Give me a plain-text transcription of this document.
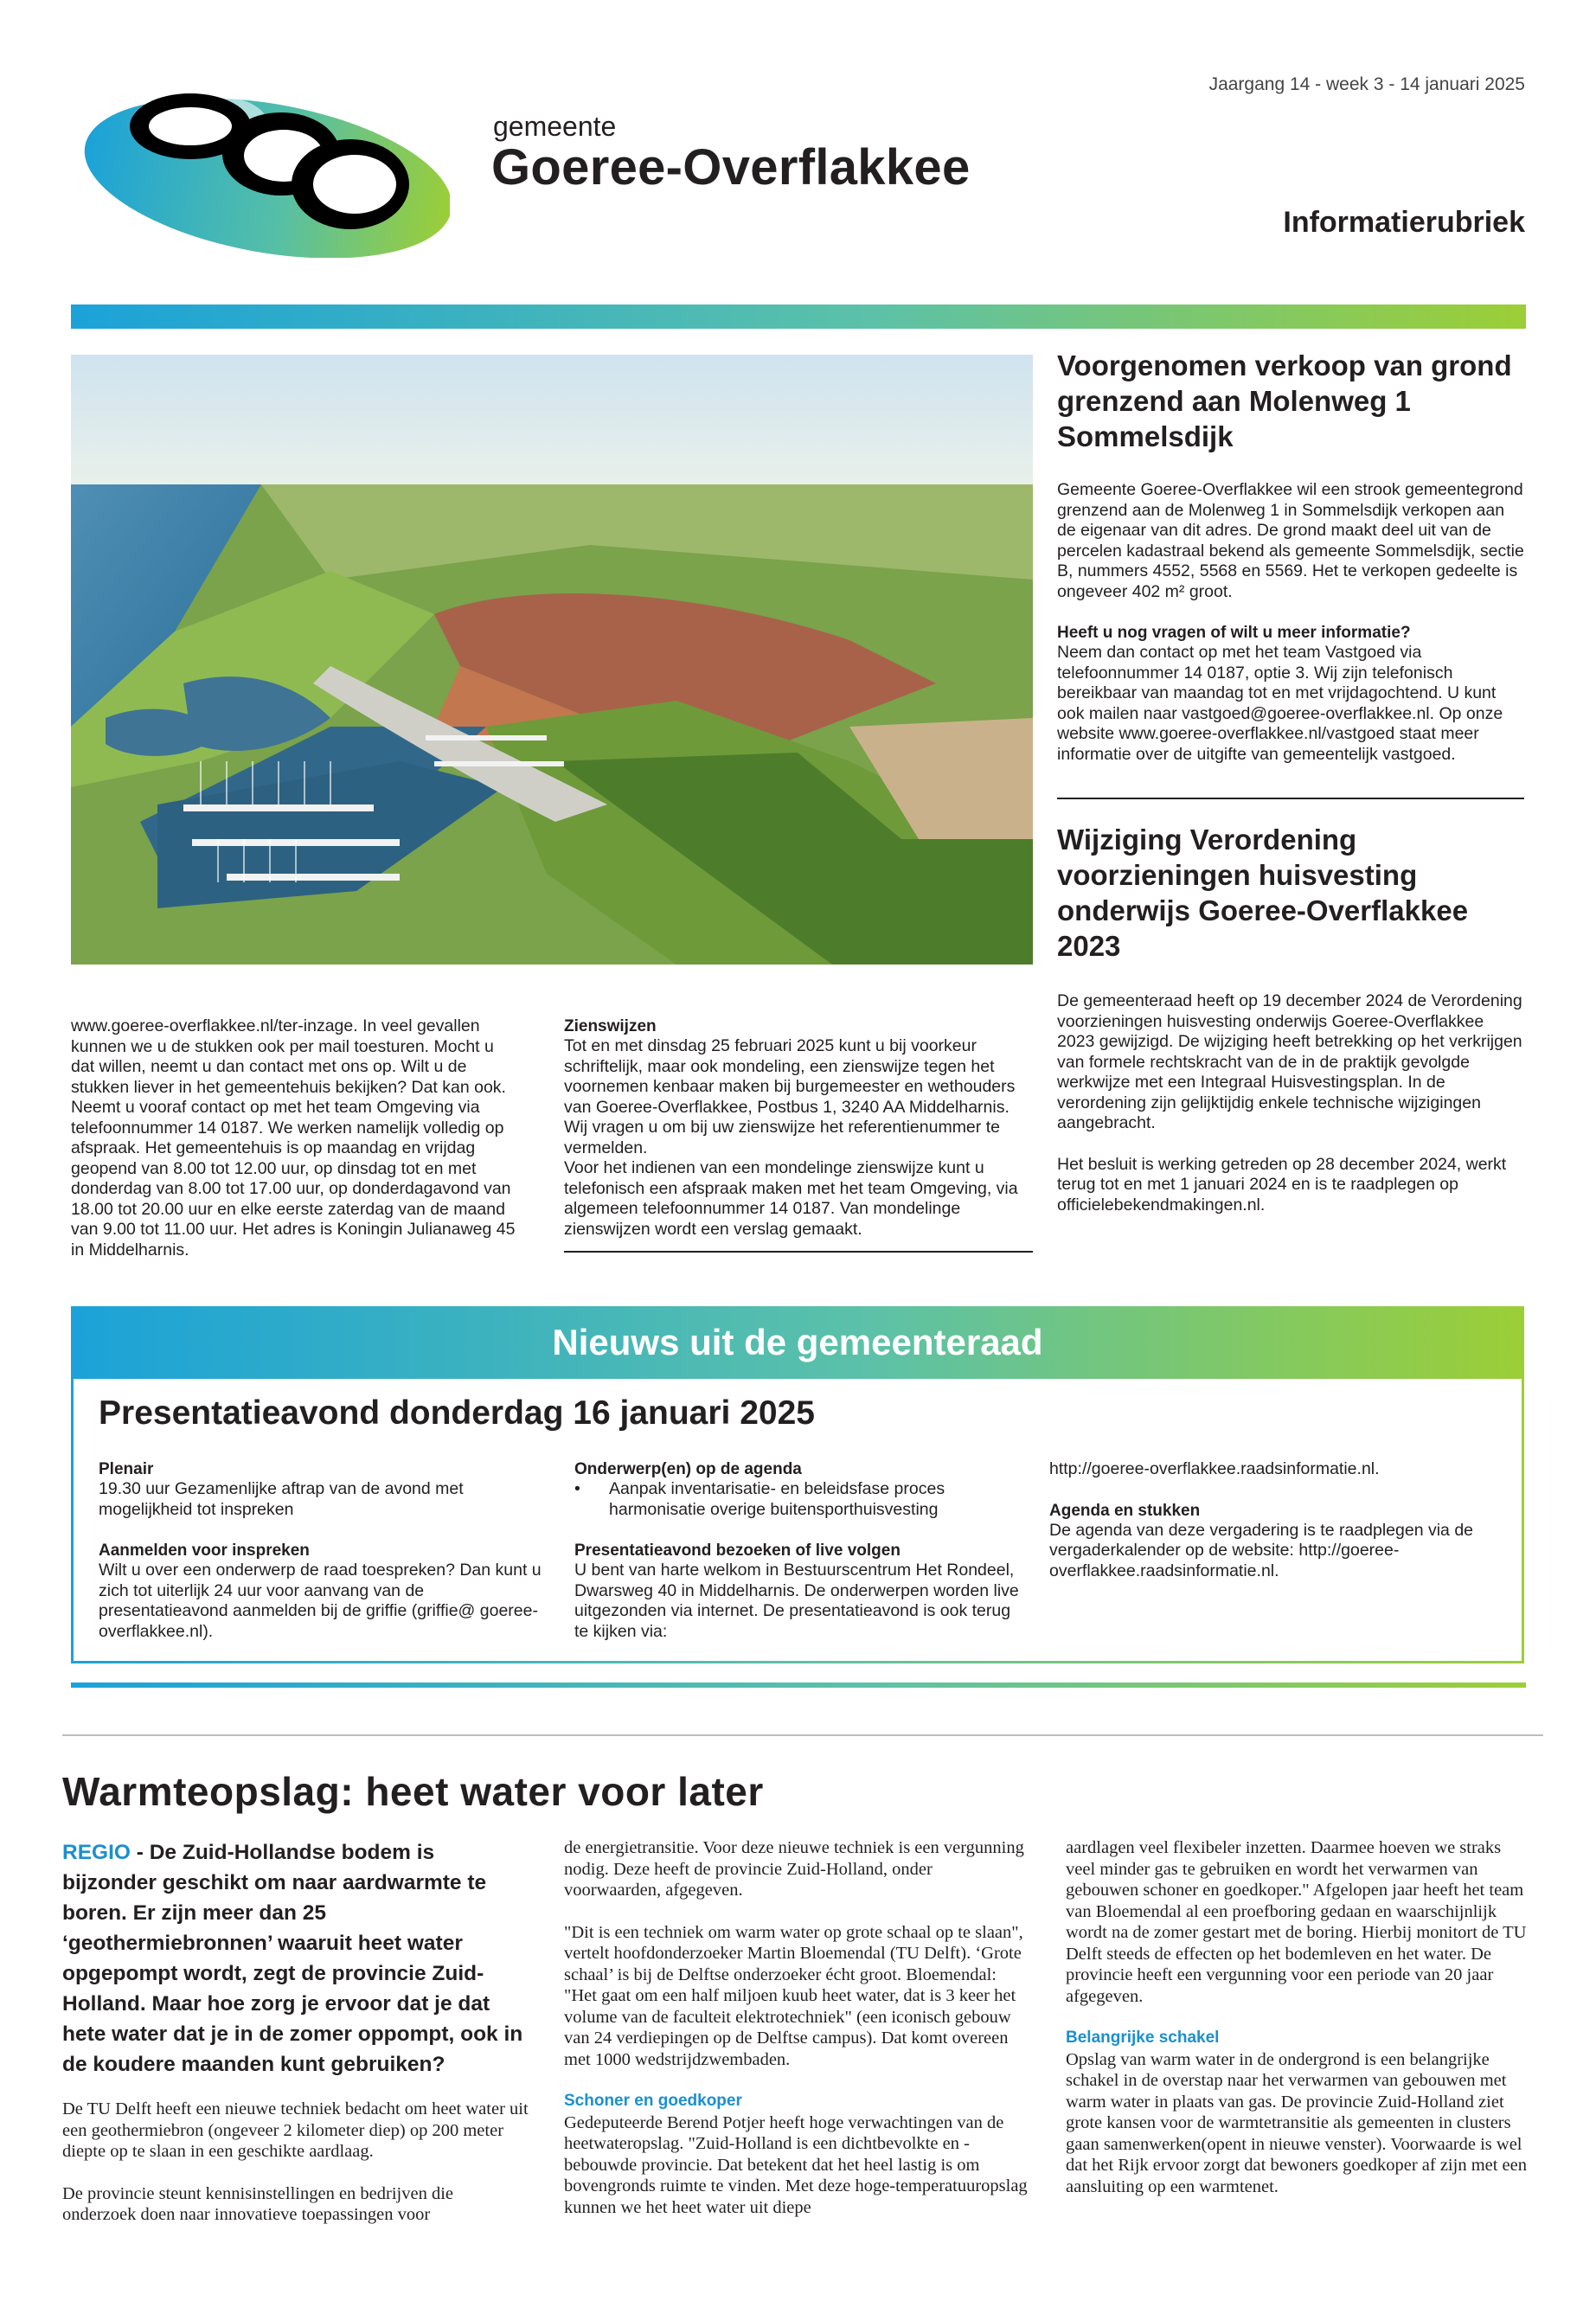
gemeente
Goeree-Overflakkee
Jaargang 14 - week 3 - 14 januari 2025
Informatierubriek
www.goeree-overflakkee.nl/ter-inzage. In veel gevallen kunnen we u de stukken ook per mail toesturen. Mocht u dat willen, neemt u dan contact met ons op. Wilt u de stukken liever in het gemeentehuis bekijken? Dat kan ook. Neemt u vooraf contact op met het team Omgeving via telefoonnummer 14 0187. We werken namelijk volledig op afspraak. Het gemeentehuis is op maandag en vrijdag geopend van 8.00 tot 12.00 uur, op dinsdag tot en met donderdag van 8.00 tot 17.00 uur, op donderdagavond van 18.00 tot 20.00 uur en elke eerste zaterdag van de maand van 9.00 tot 11.00 uur. Het adres is Koningin Julianaweg 45 in Middelharnis.

Zienswijzen

Tot en met dinsdag 25 februari 2025 kunt u bij voorkeur schriftelijk, maar ook mondeling, een zienswijze tegen het voornemen kenbaar maken bij burgemeester en wethouders van Goeree-Overflakkee, Postbus 1, 3240 AA Middelharnis. Wij vragen u om bij uw zienswijze het referentienummer te vermelden.

Voor het indienen van een mondelinge zienswijze kunt u telefonisch een afspraak maken met het team Omgeving, via algemeen telefoonnummer 14 0187. Van mondelinge zienswijzen wordt een verslag gemaakt.

Voorgenomen verkoop van grond grenzend aan Molenweg 1 Sommelsdijk
Gemeente Goeree-Overflakkee wil een strook gemeentegrond grenzend aan de Molenweg 1 in Sommelsdijk verkopen aan de eigenaar van dit adres. De grond maakt deel uit van de percelen kadastraal bekend als gemeente Sommelsdijk, sectie B, nummers 4552, 5568 en 5569. Het te verkopen gedeelte is ongeveer 402 m² groot.
Heeft u nog vragen of wilt u meer informatie?
Neem dan contact op met het team Vastgoed via telefoonnummer 14 0187, optie 3. Wij zijn telefonisch bereikbaar van maandag tot en met vrijdagochtend. U kunt ook mailen naar vastgoed@goeree-overflakkee.nl. Op onze website www.goeree-overflakkee.nl/vastgoed staat meer informatie over de uitgifte van gemeentelijk vastgoed.
Wijziging Verordening voorzieningen huisvesting onderwijs Goeree-Overflakkee 2023
De gemeenteraad heeft op 19 december 2024 de Verordening voorzieningen huisvesting onderwijs Goeree-Overflakkee 2023 gewijzigd. De wijziging heeft betrekking op het verkrijgen van formele rechtskracht van de in de praktijk gevolgde werkwijze met een Integraal Huisvestingsplan. In de verordening zijn gelijktijdig enkele technische wijzigingen aangebracht.
Het besluit is werking getreden op 28 december 2024, werkt terug tot en met 1 januari 2024 en is te raadplegen op officielebekendmakingen.nl.
Nieuws uit de gemeenteraad
Presentatieavond donderdag 16 januari 2025

Plenair

19.30 uur Gezamenlijke aftrap van de avond met mogelijkheid tot inspreken

Aanmelden voor inspreken

Wilt u over een onderwerp de raad toespreken? Dan kunt u zich tot uiterlijk 24 uur voor aanvang van de presentatieavond aanmelden bij de griffie (griffie@ goeree-overflakkee.nl).

Onderwerp(en) op de agenda

•	Aanpak inventarisatie- en beleidsfase proces harmonisatie overige buitensporthuisvesting

Presentatieavond bezoeken of live volgen

U bent van harte welkom in Bestuurscentrum Het Rondeel, Dwarsweg 40 in Middelharnis. De onderwerpen worden live uitgezonden via internet. De presentatieavond is ook terug te kijken via:

http://goeree-overflakkee.raadsinformatie.nl.

Agenda en stukken

De agenda van deze vergadering is te raadplegen via de vergaderkalender op de website: http://goeree-overflakkee.raadsinformatie.nl.

Warmteopslag: heet water voor later
REGIO - De Zuid-Hollandse bodem is bijzonder geschikt om naar aardwarmte te boren. Er zijn meer dan 25 ‘geothermiebronnen’ waaruit heet water opgepompt wordt, zegt de provincie Zuid-Holland. Maar hoe zorg je ervoor dat je dat hete water dat je in de zomer oppompt, ook in de koudere maanden kunt gebruiken?

De TU Delft heeft een nieuwe techniek bedacht om heet water uit een geothermiebron (ongeveer 2 kilometer diep) op 200 meter diepte op te slaan in een geschikte aardlaag.

De provincie steunt kennisinstellingen en bedrijven die onderzoek doen naar innovatieve toepassingen voor

de energietransitie. Voor deze nieuwe techniek is een vergunning nodig. Deze heeft de provincie Zuid-Holland, onder voorwaarden, afgegeven.

"Dit is een techniek om warm water op grote schaal op te slaan", vertelt hoofdonderzoeker Martin Bloemendal (TU Delft). ‘Grote schaal’ is bij de Delftse onderzoeker écht groot. Bloemendal: "Het gaat om een half miljoen kuub heet water, dat is 3 keer het volume van de faculteit elektrotechniek" (een iconisch gebouw van 24 verdiepingen op de Delftse campus). Dat komt overeen met 1000 wedstrijdzwembaden.

Schoner en goedkoper

Gedeputeerde Berend Potjer heeft hoge verwachtingen van de heetwateropslag. "Zuid-Holland is een dichtbevolkte en -bebouwde provincie. Dat betekent dat het heel lastig is om bovengronds ruimte te vinden. Met deze hoge-temperatuuropslag kunnen we het heet water uit diepe

aardlagen veel flexibeler inzetten. Daarmee hoeven we straks veel minder gas te gebruiken en wordt het verwarmen van gebouwen schoner en goedkoper." Afgelopen jaar heeft het team van Bloemendal al een proefboring gedaan en waarschijnlijk wordt na de zomer gestart met de boring. Hierbij monitort de TU Delft steeds de effecten op het bodemleven en het water. De provincie heeft een vergunning voor een periode van 20 jaar afgegeven.

Belangrijke schakel

Opslag van warm water in de ondergrond is een belangrijke schakel in de overstap naar het verwarmen van gebouwen met warm water in plaats van gas. De provincie Zuid-Holland ziet grote kansen voor de warmtetransitie als gemeenten in clusters gaan samenwerken(opent in nieuwe venster). Voorwaarde is wel dat het Rijk ervoor zorgt dat bewoners goedkoper af zijn met een aansluiting op een warmtenet.
